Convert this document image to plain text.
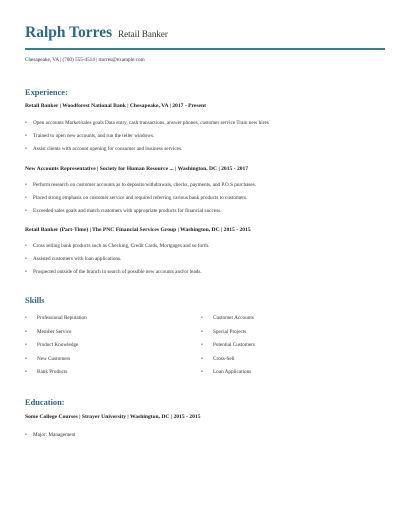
Ralph Torres Retail Banker
Chesapeake, VA | (760) 555-4514 | rtorres@example.com
Experience:
Retail Banker | Woodforest National Bank | Chesapeake, VA | 2017 - Present
• Open accounts Market/sales goals Data entry, cash transactions, answer phones, customer service Train new hires
• Trained to open new accounts, and run the teller windows.
• Assist clients with account opening for consumer and business services.
New Accounts Representative | Society for Human Resource ... | Washington, DC | 2015 - 2017
• Perform research on customer accounts as to deposits/withdrawals, checks, payments, and P.O.S purchases.
• Placed strong emphasis on customer service and required referring various bank products to customers.
• Exceeded sales goals and match customers with appropriate products for financial success.
Retail Banker (Part-Time) | The PNC Financial Services Group | Washington, DC | 2015 - 2015
• Cross selling bank products such as Checking, Credit Cards, Mortgages and so forth.
• Assisted customers with loan applications.
• Prospected outside of the branch in search of possible new accounts and/or leads.
Skills
• Professional Reputation
• Member Service
• Product Knowledge
• New Customers
• Bank Products
• Customer Accounts
• Special Projects
• Potential Customers
• Cross-Sell
• Loan Applications
Education:
Some College Courses | Strayer University | Washington, DC | 2015 - 2015
• Major: Management
